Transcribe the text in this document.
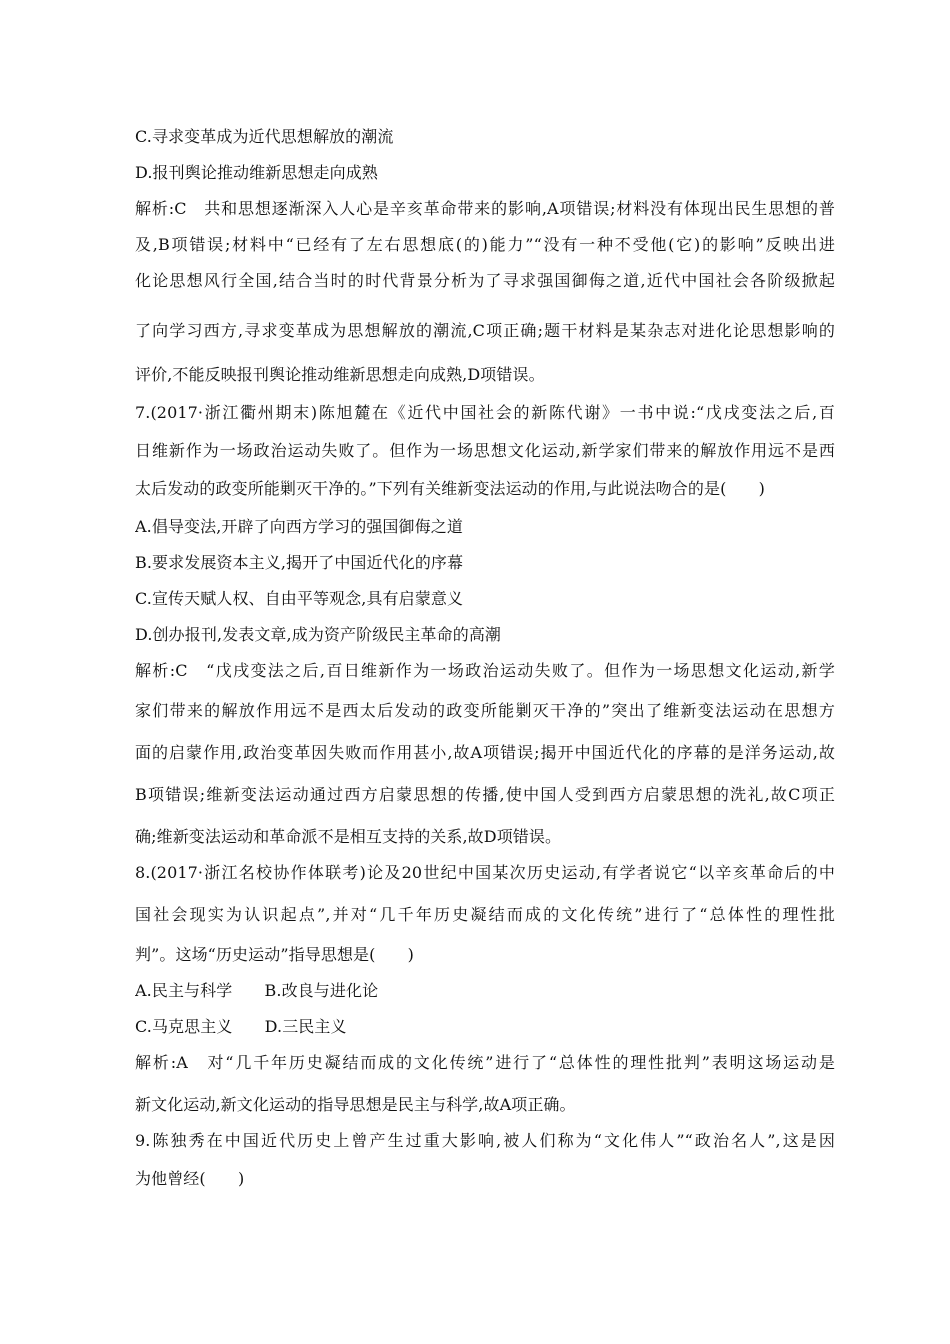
C.寻求变革成为近代思想解放的潮流
D.报刊舆论推动维新思想走向成熟
解析:C　共和思想逐渐深入人心是辛亥革命带来的影响,A项错误;材料没有体现出民生思想的普
及,B项错误;材料中“已经有了左右思想底(的)能力”“没有一种不受他(它)的影响”反映出进
化论思想风行全国,结合当时的时代背景分析为了寻求强国御侮之道,近代中国社会各阶级掀起
了向学习西方,寻求变革成为思想解放的潮流,C项正确;题干材料是某杂志对进化论思想影响的
评价,不能反映报刊舆论推动维新思想走向成熟,D项错误。
7.(2017·浙江衢州期末)陈旭麓在《近代中国社会的新陈代谢》一书中说:“戊戌变法之后,百
日维新作为一场政治运动失败了。但作为一场思想文化运动,新学家们带来的解放作用远不是西
太后发动的政变所能剿灭干净的。”下列有关维新变法运动的作用,与此说法吻合的是(　　)
A.倡导变法,开辟了向西方学习的强国御侮之道
B.要求发展资本主义,揭开了中国近代化的序幕
C.宣传天赋人权、自由平等观念,具有启蒙意义
D.创办报刊,发表文章,成为资产阶级民主革命的高潮
解析:C　“戊戌变法之后,百日维新作为一场政治运动失败了。但作为一场思想文化运动,新学
家们带来的解放作用远不是西太后发动的政变所能剿灭干净的”突出了维新变法运动在思想方
面的启蒙作用,政治变革因失败而作用甚小,故A项错误;揭开中国近代化的序幕的是洋务运动,故
B项错误;维新变法运动通过西方启蒙思想的传播,使中国人受到西方启蒙思想的洗礼,故C项正
确;维新变法运动和革命派不是相互支持的关系,故D项错误。
8.(2017·浙江名校协作体联考)论及20世纪中国某次历史运动,有学者说它“以辛亥革命后的中
国社会现实为认识起点”,并对“几千年历史凝结而成的文化传统”进行了“总体性的理性批
判”。这场“历史运动”指导思想是(　　)
A.民主与科学　　B.改良与进化论
C.马克思主义　　D.三民主义
解析:A　对“几千年历史凝结而成的文化传统”进行了“总体性的理性批判”表明这场运动是
新文化运动,新文化运动的指导思想是民主与科学,故A项正确。
9.陈独秀在中国近代历史上曾产生过重大影响,被人们称为“文化伟人”“政治名人”,这是因
为他曾经(　　)
